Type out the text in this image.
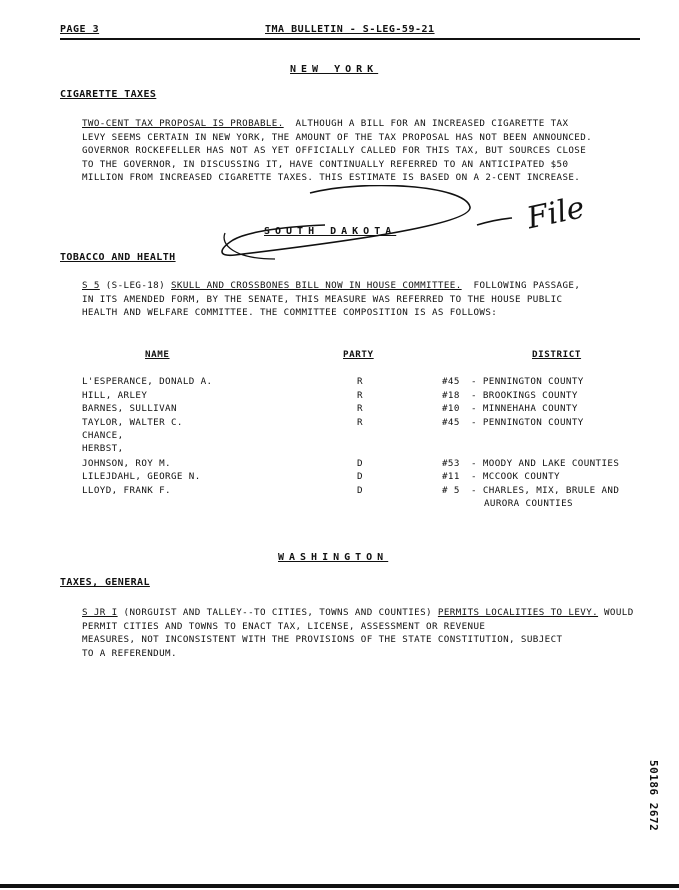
PAGE 3	TMA BULLETIN - S-LEG-59-21
NEW YORK
CIGARETTE TAXES
TWO-CENT TAX PROPOSAL IS PROBABLE. ALTHOUGH A BILL FOR AN INCREASED CIGARETTE TAX
LEVY SEEMS CERTAIN IN NEW YORK, THE AMOUNT OF THE TAX PROPOSAL HAS NOT BEEN ANNOUNCED.
GOVERNOR ROCKEFELLER HAS NOT AS YET OFFICIALLY CALLED FOR THIS TAX, BUT SOURCES CLOSE
TO THE GOVERNOR, IN DISCUSSING IT, HAVE CONTINUALLY REFERRED TO AN ANTICIPATED $50
MILLION FROM INCREASED CIGARETTE TAXES. THIS ESTIMATE IS BASED ON A 2-CENT INCREASE.
File
SOUTH DAKOTA
TOBACCO AND HEALTH
S 5 (S-LEG-18) SKULL AND CROSSBONES BILL NOW IN HOUSE COMMITTEE. FOLLOWING PASSAGE,
IN ITS AMENDED FORM, BY THE SENATE, THIS MEASURE WAS REFERRED TO THE HOUSE PUBLIC
HEALTH AND WELFARE COMMITTEE. THE COMMITTEE COMPOSITION IS AS FOLLOWS:
NAME	PARTY	DISTRICT
L'ESPERANCE, DONALD A.	R	#45 - PENNINGTON COUNTY
HILL, ARLEY	R	#18 - BROOKINGS COUNTY
BARNES, SULLIVAN	R	#10 - MINNEHAHA COUNTY
TAYLOR, WALTER C.	R	#45 - PENNINGTON COUNTY
CHANCE,
HERBST,
JOHNSON, ROY M.	D	#53 - MOODY AND LAKE COUNTIES
LILEJDAHL, GEORGE N.	D	#11 - MCCOOK COUNTY
LLOYD, FRANK F.	D	# 5 - CHARLES, MIX, BRULE AND
AURORA COUNTIES
WASHINGTON
TAXES, GENERAL
S JR I (NORGUIST AND TALLEY--TO CITIES, TOWNS AND COUNTIES) PERMITS LOCALITIES TO LEVY. WOULD PERMIT CITIES AND TOWNS TO ENACT TAX, LICENSE, ASSESSMENT OR REVENUE
MEASURES, NOT INCONSISTENT WITH THE PROVISIONS OF THE STATE CONSTITUTION, SUBJECT
TO A REFERENDUM.
50186 2672
